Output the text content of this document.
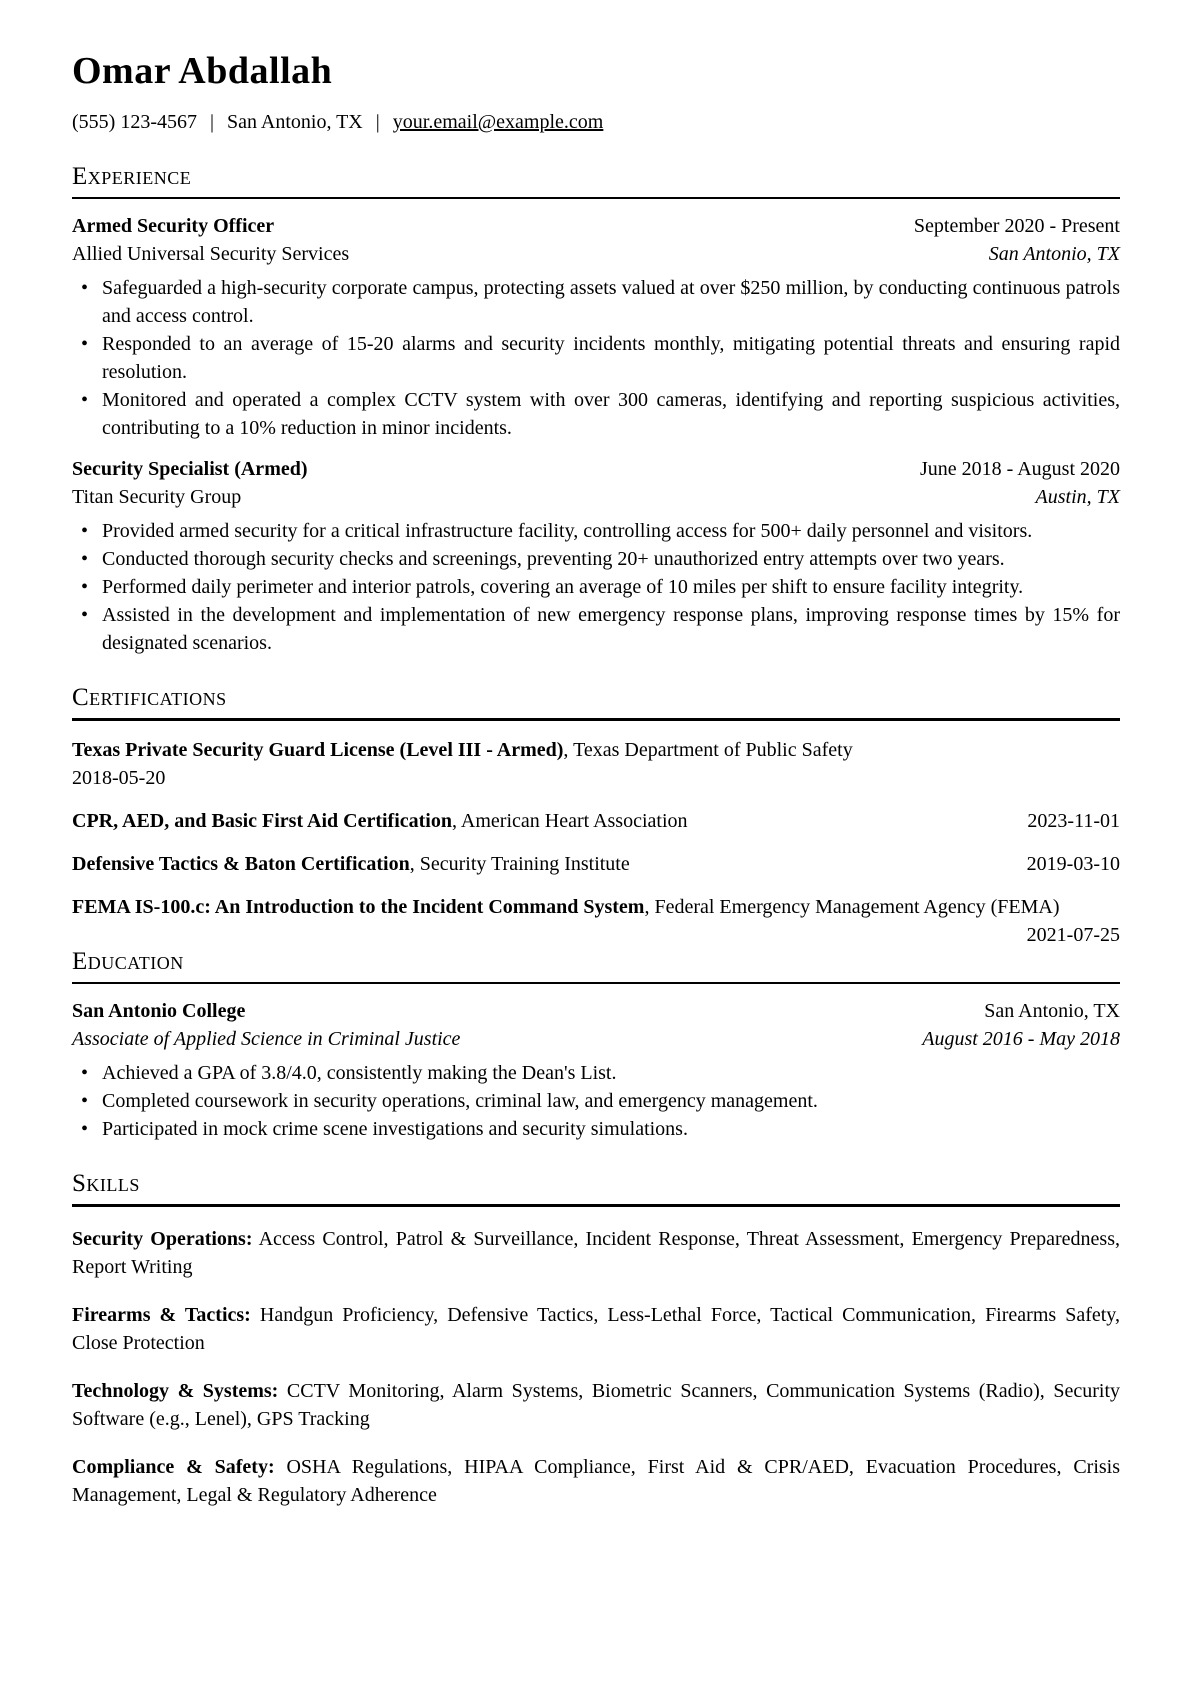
Omar Abdallah
(555) 123-4567 | San Antonio, TX | your.email@example.com
Experience
Armed Security Officer	September 2020 - Present
Allied Universal Security Services	San Antonio, TX
• Safeguarded a high-security corporate campus, protecting assets valued at over $250 million, by conducting continuous patrols and access control.
• Responded to an average of 15-20 alarms and security incidents monthly, mitigating potential threats and ensuring rapid resolution.
• Monitored and operated a complex CCTV system with over 300 cameras, identifying and reporting suspicious activities, contributing to a 10% reduction in minor incidents.
Security Specialist (Armed)	June 2018 - August 2020
Titan Security Group	Austin, TX
• Provided armed security for a critical infrastructure facility, controlling access for 500+ daily personnel and visitors.
• Conducted thorough security checks and screenings, preventing 20+ unauthorized entry attempts over two years.
• Performed daily perimeter and interior patrols, covering an average of 10 miles per shift to ensure facility integrity.
• Assisted in the development and implementation of new emergency response plans, improving response times by 15% for designated scenarios.
Certifications
Texas Private Security Guard License (Level III - Armed), Texas Department of Public Safety
2018-05-20
CPR, AED, and Basic First Aid Certification, American Heart Association	2023-11-01
Defensive Tactics & Baton Certification, Security Training Institute	2019-03-10
FEMA IS-100.c: An Introduction to the Incident Command System, Federal Emergency Management Agency (FEMA)
2021-07-25
Education
San Antonio College	San Antonio, TX
Associate of Applied Science in Criminal Justice	August 2016 - May 2018
• Achieved a GPA of 3.8/4.0, consistently making the Dean's List.
• Completed coursework in security operations, criminal law, and emergency management.
• Participated in mock crime scene investigations and security simulations.
Skills

Security Operations: Access Control, Patrol & Surveillance, Incident Response, Threat Assessment, Emergency Preparedness, Report Writing

Firearms & Tactics: Handgun Proficiency, Defensive Tactics, Less-Lethal Force, Tactical Communication, Firearms Safety, Close Protection

Technology & Systems: CCTV Monitoring, Alarm Systems, Biometric Scanners, Communication Systems (Radio), Security Software (e.g., Lenel), GPS Tracking

Compliance & Safety: OSHA Regulations, HIPAA Compliance, First Aid & CPR/AED, Evacuation Procedures, Crisis Management, Legal & Regulatory Adherence
